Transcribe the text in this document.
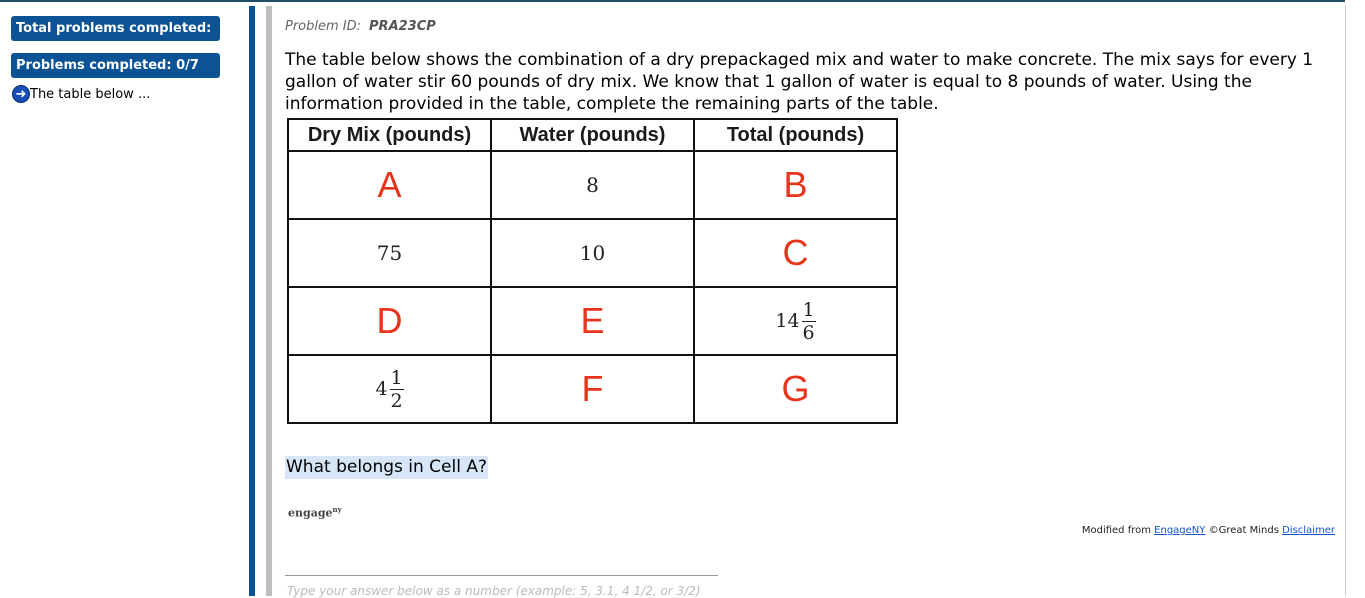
Total problems completed:
Problems completed: 0/7
➜ The table below ...
Problem ID: PRA23CP
The table below shows the combination of a dry prepackaged mix and water to make concrete. The mix says for every 1 gallon of water stir 60 pounds of dry mix. We know that 1 gallon of water is equal to 8 pounds of water. Using the information provided in the table, complete the remaining parts of the table.
Dry Mix (pounds)	Water (pounds)	Total (pounds)
A	8	B
75	10	C
D	E	$14 \frac{1}{6}$

$4 \frac{1}{2}$	F	G
What belongs in Cell A?
engage$^{ny}$
Modified from EngageNY ©Great Minds Disclaimer
Type your answer below as a number (example: 5, 3.1, 4 1/2, or 3/2)
